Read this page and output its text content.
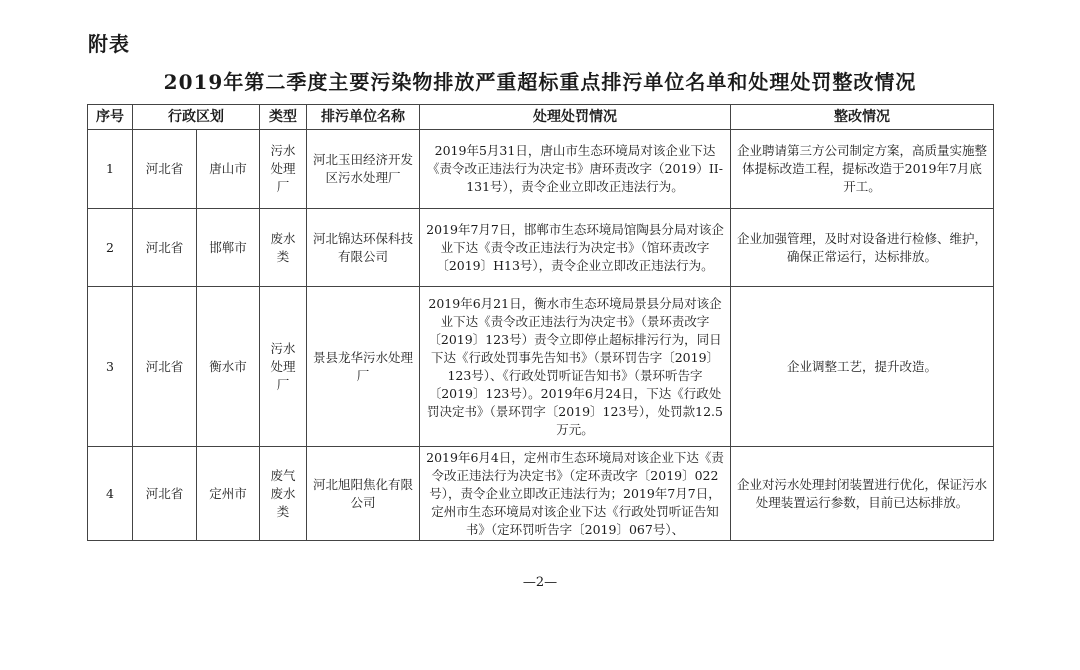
附表
2019年第二季度主要污染物排放严重超标重点排污单位名单和处理处罚整改情况
序号	行政区划		类型	排污单位名称	处理处罚情况	整改情况
1	河北省	唐山市	污水处理厂	河北玉田经济开发区污水处理厂	2019年5月31日，唐山市生态环境局对该企业下达《责令改正违法行为决定书》唐环责改字（2019）II-131号），责令企业立即改正违法行为。	企业聘请第三方公司制定方案，高质量实施整体提标改造工程，提标改造于2019年7月底开工。
2	河北省	邯郸市	废水类	河北锦达环保科技有限公司	2019年7月7日，邯郸市生态环境局馆陶县分局对该企业下达《责令改正违法行为决定书》（馆环责改字〔2019〕H13号），责令企业立即改正违法行为。	企业加强管理，及时对设备进行检修、维护，确保正常运行，达标排放。
3	河北省	衡水市	污水处理厂	景县龙华污水处理厂	2019年6月21日，衡水市生态环境局景县分局对该企业下达《责令改正违法行为决定书》（景环责改字〔2019〕123号）责令立即停止超标排污行为，同日下达《行政处罚事先告知书》（景环罚告字〔2019〕123号）、《行政处罚听证告知书》（景环听告字〔2019〕123号）。2019年6月24日，下达《行政处罚决定书》（景环罚字〔2019〕123号），处罚款12.5万元。	企业调整工艺，提升改造。
4	河北省	定州市	废气废水类	河北旭阳焦化有限公司	2019年6月4日，定州市生态环境局对该企业下达《责令改正违法行为决定书》（定环责改字〔2019〕022号），责令企业立即改正违法行为；2019年7月7日，定州市生态环境局对该企业下达《行政处罚听证告知书》（定环罚听告字〔2019〕067号）、	企业对污水处理封闭装置进行优化，保证污水处理装置运行参数，目前已达标排放。
—2—
